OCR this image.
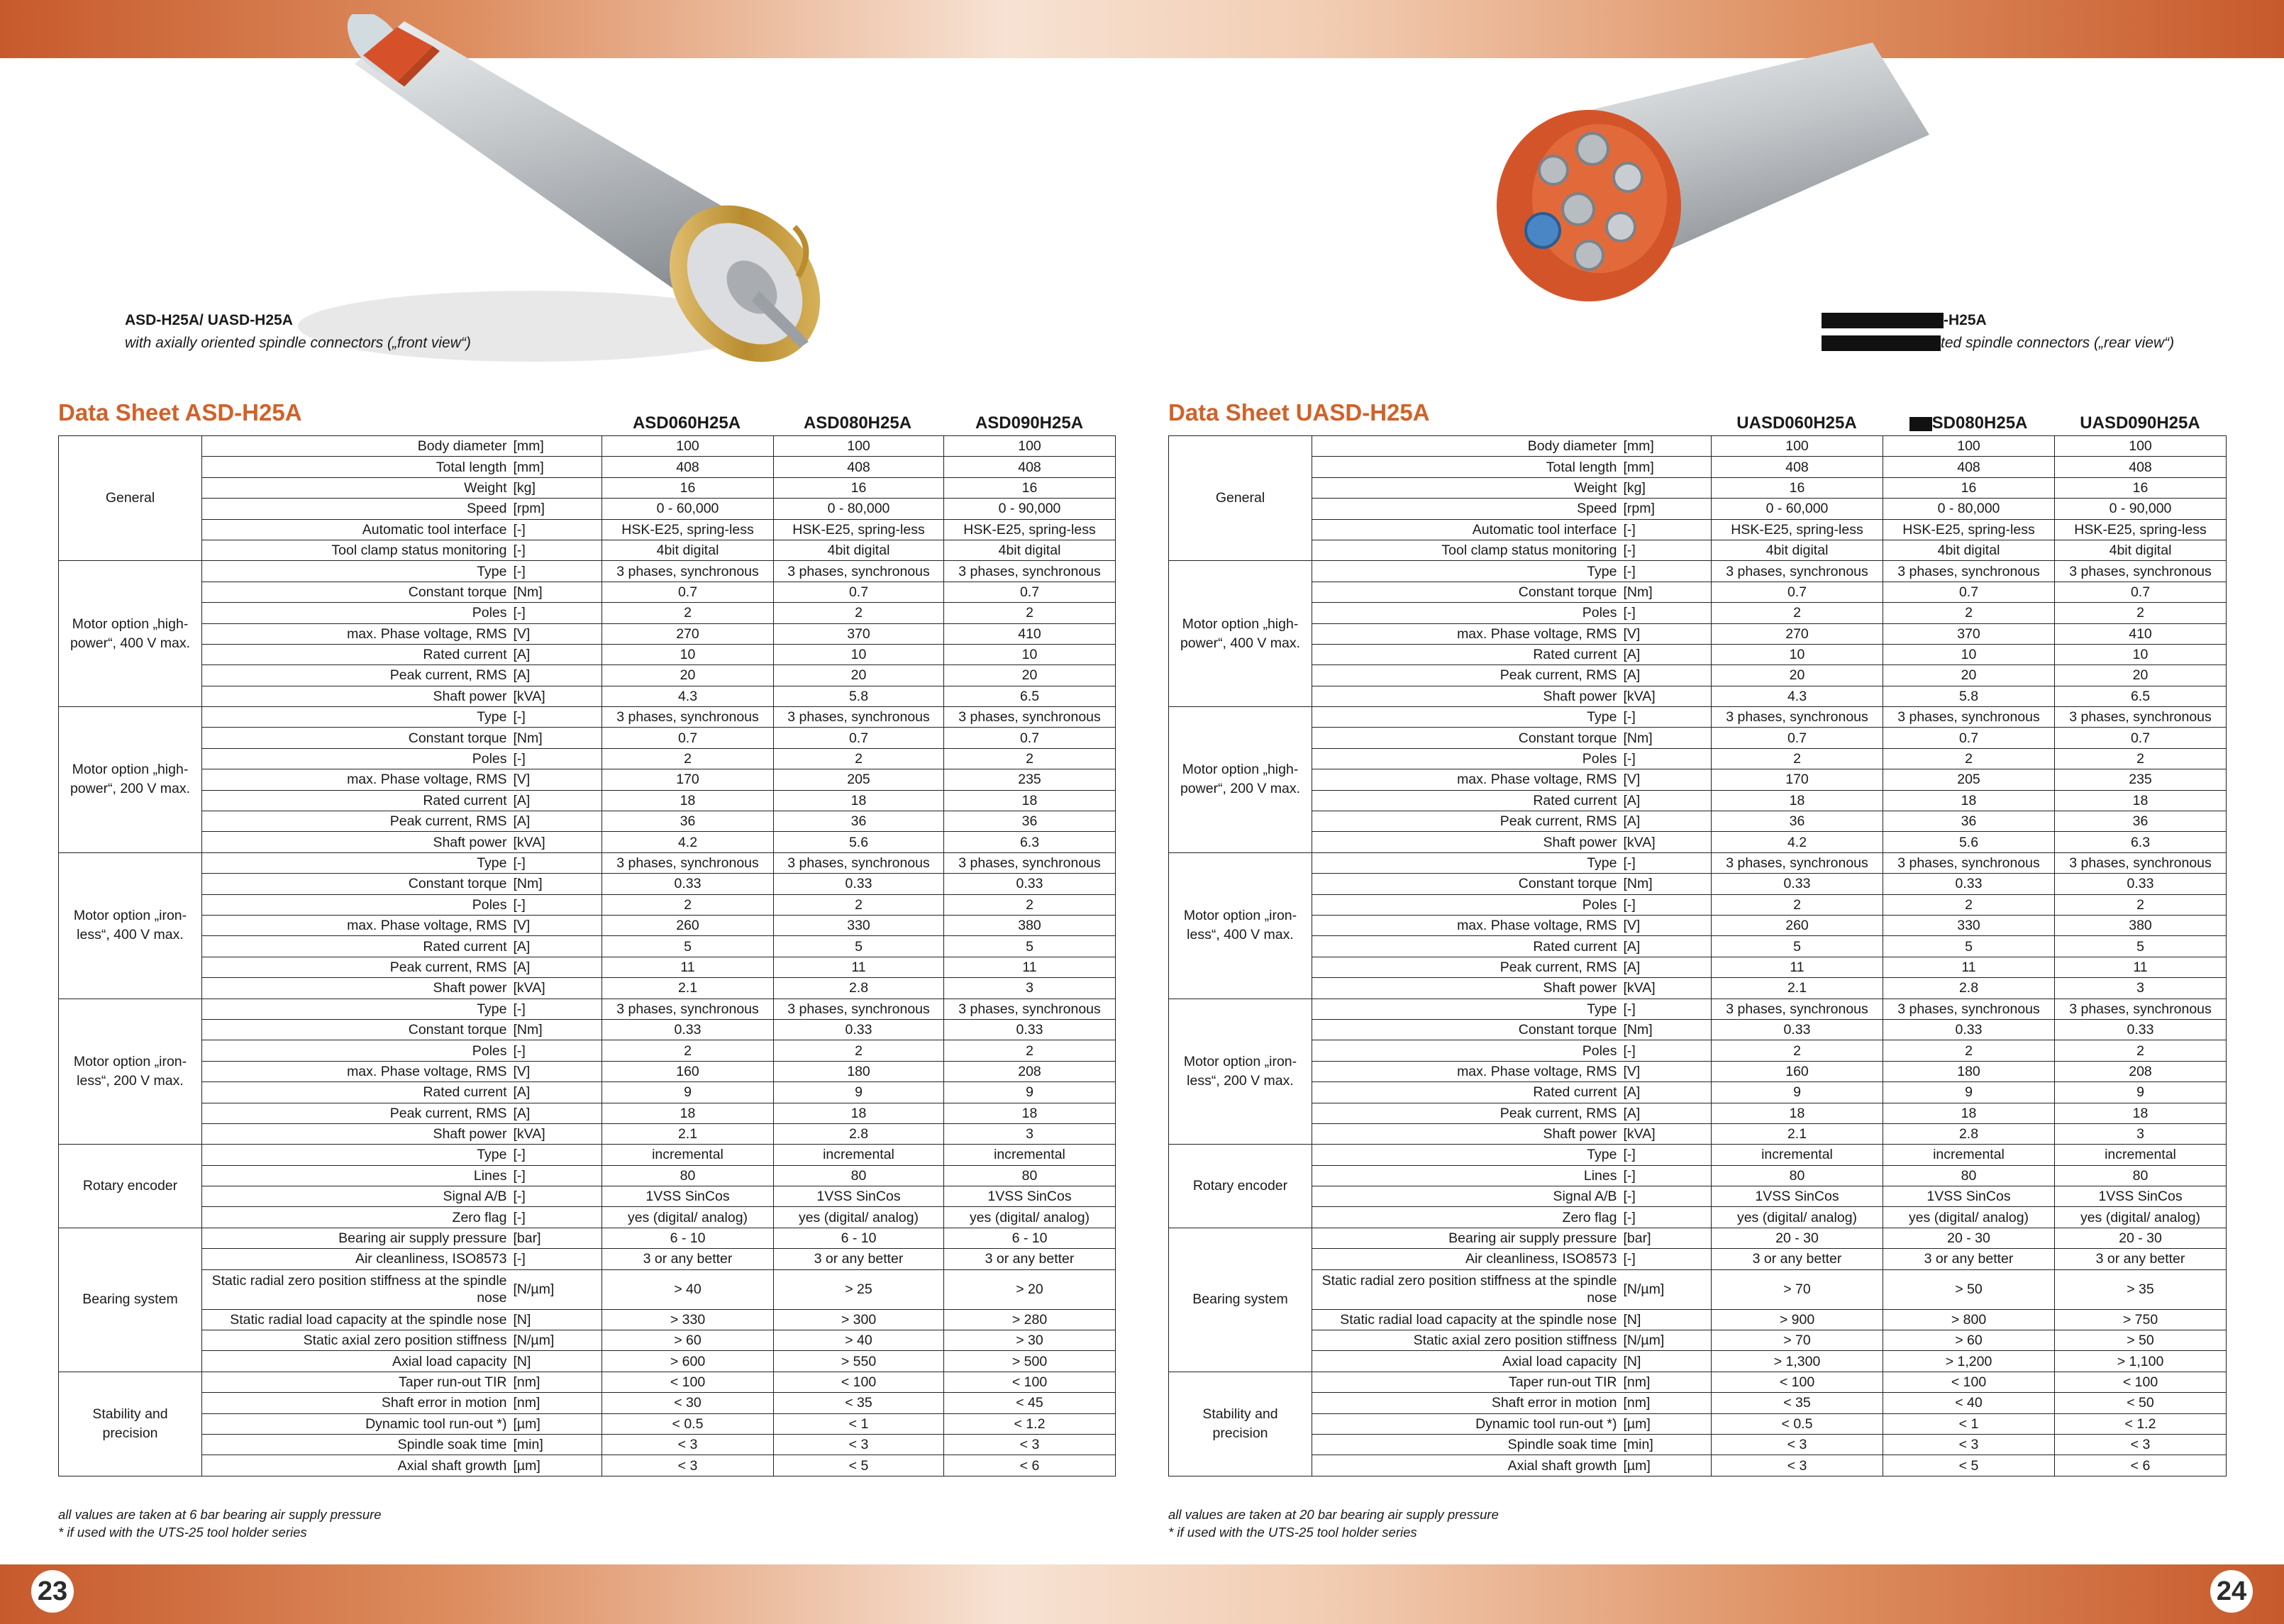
23	24
ASD-H25A/ UASD-H25A
with axially oriented spindle connectors („front view“)
-H25A
ted spindle connectors („rear view“)
Data Sheet ASD-H25A	Data Sheet UASD-H25A
ASD060H25A	ASD080H25A	ASD090H25A	UASD060H25A	SD080H25A	UASD090H25A
General	Body diameter	[mm]	100	100	100
	Total length	[mm]	408	408	408
	Weight	[kg]	16	16	16
	Speed	[rpm]	0 - 60,000	0 - 80,000	0 - 90,000
	Automatic tool interface	[-]	HSK-E25, spring-less	HSK-E25, spring-less	HSK-E25, spring-less
	Tool clamp status monitoring	[-]	4bit digital	4bit digital	4bit digital
Motor option „high-power“, 400 V max.	Type	[-]	3 phases, synchronous	3 phases, synchronous	3 phases, synchronous
	Constant torque	[Nm]	0.7	0.7	0.7
	Poles	[-]	2	2	2
	max. Phase voltage, RMS	[V]	270	370	410
	Rated current	[A]	10	10	10
	Peak current, RMS	[A]	20	20	20
	Shaft power	[kVA]	4.3	5.8	6.5
Motor option „high-power“, 200 V max.	Type	[-]	3 phases, synchronous	3 phases, synchronous	3 phases, synchronous
	Constant torque	[Nm]	0.7	0.7	0.7
	Poles	[-]	2	2	2
	max. Phase voltage, RMS	[V]	170	205	235
	Rated current	[A]	18	18	18
	Peak current, RMS	[A]	36	36	36
	Shaft power	[kVA]	4.2	5.6	6.3
Motor option „iron-less“, 400 V max.	Type	[-]	3 phases, synchronous	3 phases, synchronous	3 phases, synchronous
	Constant torque	[Nm]	0.33	0.33	0.33
	Poles	[-]	2	2	2
	max. Phase voltage, RMS	[V]	260	330	380
	Rated current	[A]	5	5	5
	Peak current, RMS	[A]	11	11	11
	Shaft power	[kVA]	2.1	2.8	3
Motor option „iron-less“, 200 V max.	Type	[-]	3 phases, synchronous	3 phases, synchronous	3 phases, synchronous
	Constant torque	[Nm]	0.33	0.33	0.33
	Poles	[-]	2	2	2
	max. Phase voltage, RMS	[V]	160	180	208
	Rated current	[A]	9	9	9
	Peak current, RMS	[A]	18	18	18
	Shaft power	[kVA]	2.1	2.8	3
Rotary encoder	Type	[-]	incremental	incremental	incremental
	Lines	[-]	80	80	80
	Signal A/B	[-]	1VSS SinCos	1VSS SinCos	1VSS SinCos
	Zero flag	[-]	yes (digital/ analog)	yes (digital/ analog)	yes (digital/ analog)
Bearing system	Bearing air supply pressure	[bar]	6 - 10	6 - 10	6 - 10
	Air cleanliness, ISO8573	[-]	3 or any better	3 or any better	3 or any better
	Static radial zero position stiffness at the spindle nose	[N/µm]	> 40	> 25	> 20
	Static radial load capacity at the spindle nose	[N]	> 330	> 300	> 280
	Static axial zero position stiffness	[N/µm]	> 60	> 40	> 30
	Axial load capacity	[N]	> 600	> 550	> 500
Stability and precision	Taper run-out TIR	[nm]	< 100	< 100	< 100
	Shaft error in motion	[nm]	< 30	< 35	< 45
	Dynamic tool run-out *)	[µm]	< 0.5	< 1	< 1.2
	Spindle soak time	[min]	< 3	< 3	< 3
	Axial shaft growth	[µm]	< 3	< 5	< 6
General	Body diameter	[mm]	100	100	100
	Total length	[mm]	408	408	408
	Weight	[kg]	16	16	16
	Speed	[rpm]	0 - 60,000	0 - 80,000	0 - 90,000
	Automatic tool interface	[-]	HSK-E25, spring-less	HSK-E25, spring-less	HSK-E25, spring-less
	Tool clamp status monitoring	[-]	4bit digital	4bit digital	4bit digital
Motor option „high-power“, 400 V max.	Type	[-]	3 phases, synchronous	3 phases, synchronous	3 phases, synchronous
	Constant torque	[Nm]	0.7	0.7	0.7
	Poles	[-]	2	2	2
	max. Phase voltage, RMS	[V]	270	370	410
	Rated current	[A]	10	10	10
	Peak current, RMS	[A]	20	20	20
	Shaft power	[kVA]	4.3	5.8	6.5
Motor option „high-power“, 200 V max.	Type	[-]	3 phases, synchronous	3 phases, synchronous	3 phases, synchronous
	Constant torque	[Nm]	0.7	0.7	0.7
	Poles	[-]	2	2	2
	max. Phase voltage, RMS	[V]	170	205	235
	Rated current	[A]	18	18	18
	Peak current, RMS	[A]	36	36	36
	Shaft power	[kVA]	4.2	5.6	6.3
Motor option „iron-less“, 400 V max.	Type	[-]	3 phases, synchronous	3 phases, synchronous	3 phases, synchronous
	Constant torque	[Nm]	0.33	0.33	0.33
	Poles	[-]	2	2	2
	max. Phase voltage, RMS	[V]	260	330	380
	Rated current	[A]	5	5	5
	Peak current, RMS	[A]	11	11	11
	Shaft power	[kVA]	2.1	2.8	3
Motor option „iron-less“, 200 V max.	Type	[-]	3 phases, synchronous	3 phases, synchronous	3 phases, synchronous
	Constant torque	[Nm]	0.33	0.33	0.33
	Poles	[-]	2	2	2
	max. Phase voltage, RMS	[V]	160	180	208
	Rated current	[A]	9	9	9
	Peak current, RMS	[A]	18	18	18
	Shaft power	[kVA]	2.1	2.8	3
Rotary encoder	Type	[-]	incremental	incremental	incremental
	Lines	[-]	80	80	80
	Signal A/B	[-]	1VSS SinCos	1VSS SinCos	1VSS SinCos
	Zero flag	[-]	yes (digital/ analog)	yes (digital/ analog)	yes (digital/ analog)
Bearing system	Bearing air supply pressure	[bar]	20 - 30	20 - 30	20 - 30
	Air cleanliness, ISO8573	[-]	3 or any better	3 or any better	3 or any better
	Static radial zero position stiffness at the spindle nose	[N/µm]	> 70	> 50	> 35
	Static radial load capacity at the spindle nose	[N]	> 900	> 800	> 750
	Static axial zero position stiffness	[N/µm]	> 70	> 60	> 50
	Axial load capacity	[N]	> 1,300	> 1,200	> 1,100
Stability and precision	Taper run-out TIR	[nm]	< 100	< 100	< 100
	Shaft error in motion	[nm]	< 35	< 40	< 50
	Dynamic tool run-out *)	[µm]	< 0.5	< 1	< 1.2
	Spindle soak time	[min]	< 3	< 3	< 3
	Axial shaft growth	[µm]	< 3	< 5	< 6
all values are taken at 6 bar bearing air supply pressure
* if used with the UTS-25 tool holder series
all values are taken at 20 bar bearing air supply pressure
* if used with the UTS-25 tool holder series
